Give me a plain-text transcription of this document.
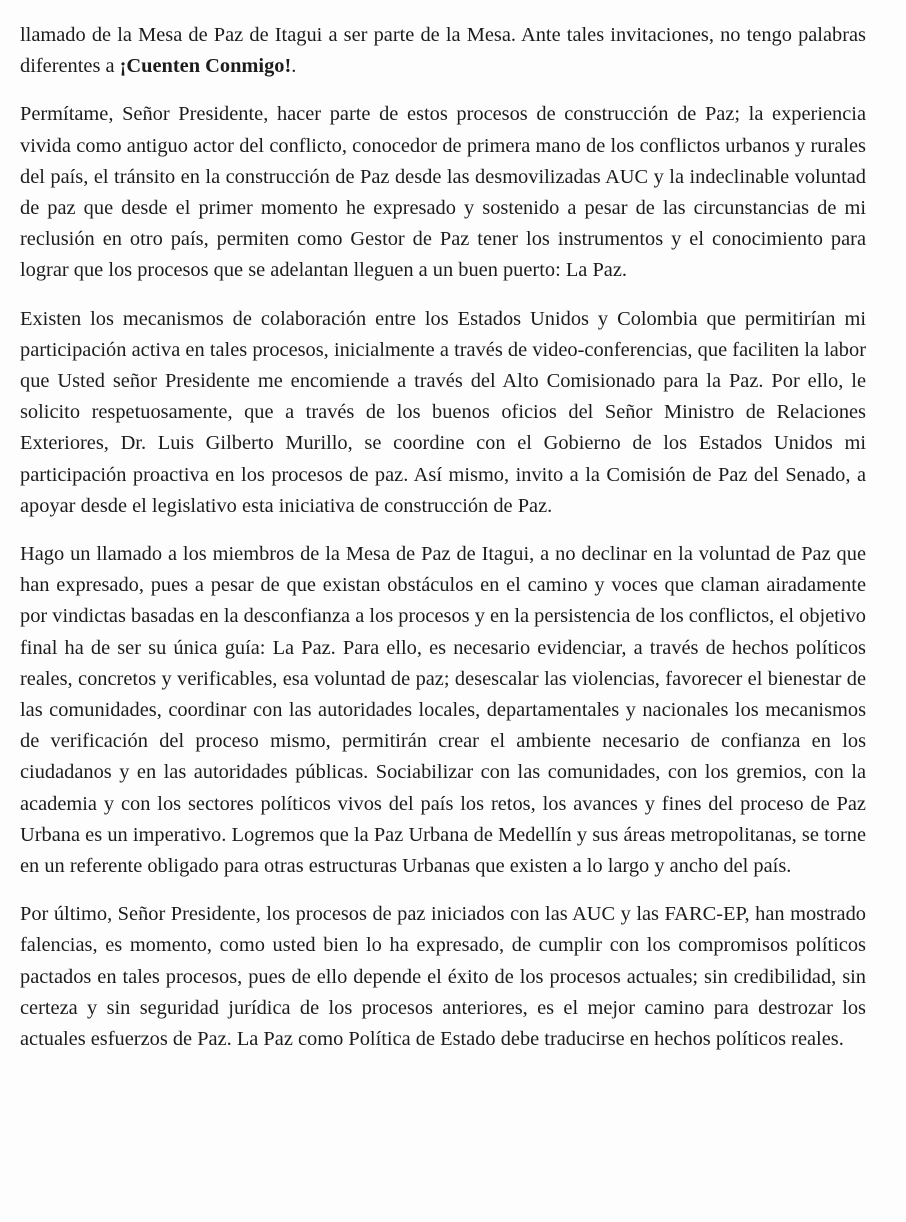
llamado de la Mesa de Paz de Itagui a ser parte de la Mesa. Ante tales invitaciones, no tengo palabras diferentes a ¡Cuenten Conmigo!.

Permítame, Señor Presidente, hacer parte de estos procesos de construcción de Paz; la experiencia vivida como antiguo actor del conflicto, conocedor de primera mano de los conflictos urbanos y rurales del país, el tránsito en la construcción de Paz desde las desmovilizadas AUC y la indeclinable voluntad de paz que desde el primer momento he expresado y sostenido a pesar de las circunstancias de mi reclusión en otro país, permiten como Gestor de Paz tener los instrumentos y el conocimiento para lograr que los procesos que se adelantan lleguen a un buen puerto: La Paz.

Existen los mecanismos de colaboración entre los Estados Unidos y Colombia que permitirían mi participación activa en tales procesos, inicialmente a través de video-conferencias, que faciliten la labor que Usted señor Presidente me encomiende a través del Alto Comisionado para la Paz. Por ello, le solicito respetuosamente, que a través de los buenos oficios del Señor Ministro de Relaciones Exteriores, Dr. Luis Gilberto Murillo, se coordine con el Gobierno de los Estados Unidos mi participación proactiva en los procesos de paz. Así mismo, invito a la Comisión de Paz del Senado, a apoyar desde el legislativo esta iniciativa de construcción de Paz.

Hago un llamado a los miembros de la Mesa de Paz de Itagui, a no declinar en la voluntad de Paz que han expresado, pues a pesar de que existan obstáculos en el camino y voces que claman airadamente por vindictas basadas en la desconfianza a los procesos y en la persistencia de los conflictos, el objetivo final ha de ser su única guía: La Paz. Para ello, es necesario evidenciar, a través de hechos políticos reales, concretos y verificables, esa voluntad de paz; desescalar las violencias, favorecer el bienestar de las comunidades, coordinar con las autoridades locales, departamentales y nacionales los mecanismos de verificación del proceso mismo, permitirán crear el ambiente necesario de confianza en los ciudadanos y en las autoridades públicas. Sociabilizar con las comunidades, con los gremios, con la academia y con los sectores políticos vivos del país los retos, los avances y fines del proceso de Paz Urbana es un imperativo. Logremos que la Paz Urbana de Medellín y sus áreas metropolitanas, se torne en un referente obligado para otras estructuras Urbanas que existen a lo largo y ancho del país.

Por último, Señor Presidente, los procesos de paz iniciados con las AUC y las FARC-EP, han mostrado falencias, es momento, como usted bien lo ha expresado, de cumplir con los compromisos políticos pactados en tales procesos, pues de ello depende el éxito de los procesos actuales; sin credibilidad, sin certeza y sin seguridad jurídica de los procesos anteriores, es el mejor camino para destrozar los actuales esfuerzos de Paz. La Paz como Política de Estado debe traducirse en hechos políticos reales.
